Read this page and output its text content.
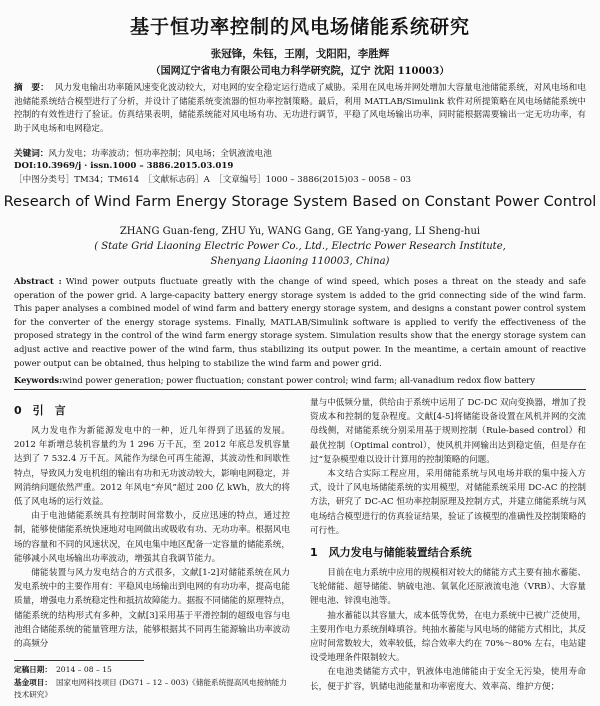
基于恒功率控制的风电场储能系统研究
张冠锋，朱钰，王刚，戈阳阳，李胜辉
（国网辽宁省电力有限公司电力科学研究院，辽宁 沈阳 110003）
摘　要： 风力发电输出功率随风速变化波动较大，对电网的安全稳定运行造成了威胁。采用在风电场并网处增加大容量电池储能系统，对风电场和电池储能系统结合模型进行了分析，并设计了储能系统变流器的恒功率控制策略。最后，利用 MATLAB/Simulink 软件对所提策略在风电场储能系统中控制的有效性进行了验证。仿真结果表明，储能系统能对风电场有功、无功进行调节，平稳了风电场输出功率，同时能根据需要输出一定无功功率，有助于风电场和电网稳定。
关键词：风力发电；功率波动；恒功率控制；风电场；全钒液流电池
DOI:10.3969/j · issn.1000 – 3886.2015.03.019
［中图分类号］TM34；TM614　［文献标志码］A　［文章编号］1000 – 3886(2015)03 – 0058 – 03
Research of Wind Farm Energy Storage System Based on Constant Power Control
ZHANG Guan-feng, ZHU Yu, WANG Gang, GE Yang-yang, LI Sheng-hui
( State Grid Liaoning Electric Power Co., Ltd., Electric Power Research Institute,
Shenyang Liaoning 110003, China)
Abstract : Wind power outputs fluctuate greatly with the change of wind speed, which poses a threat on the steady and safe operation of the power grid. A large-capacity battery energy storage system is added to the grid connecting side of the wind farm. This paper analyses a combined model of wind farm and battery energy storage system, and designs a constant power control system for the converter of the energy storage systems. Finally, MATLAB/Simulink software is applied to verify the effectiveness of the proposed strategy in the control of the wind farm energy storage system. Simulation results show that the energy storage system can adjust active and reactive power of the wind farm, thus stabilizing its output power. In the meantime, a certain amount of reactive power output can be obtained, thus helping to stabilize the wind farm and power grid.
Keywords:wind power generation; power fluctuation; constant power control; wind farm; all-vanadium redox flow battery
0　引　言

风力发电作为新能源发电中的一种，近几年得到了迅猛的发展。2012 年新增总装机容量约为 1 296 万千瓦，至 2012 年底总发机容量达到了 7 532.4 万千瓦。风能作为绿色可再生能源，其波动性和间歇性特点，导致风力发电机组的输出有功和无功波动较大，影响电网稳定，并网消纳问题依然严重。2012 年风电“弃风”超过 200 亿 kWh，放大的将低了风电场的运行效益。

由于电池储能系统具有控制时间常数小，反应迅速的特点，通过控制，能够使储能系统快速地对电网做出或吸收有功、无功功率。根据风电场的容量和不同的风速状况，在风电集中地区配备一定容量的储能系统，能够减小风电场输出功率波动，增强其自我调节能力。

储能装置与风力发电结合的方式很多，文献[1-2]对储能系统在风力发电系统中的主要作用有：平稳风电场输出到电网的有功功率，提高电能质量，增强电力系统稳定性和抵抗故障能力。据报不同储能的原理特点，储能系统的结构形式有多种，文献[3]采用基于平滑控制的超级电容与电池组合储能系统的能量管理方法，能够根据其不同再生能源输出功率波动的高频分

定稿日期： 2014 – 08 – 15
基金项目： 国家电网科技项目 (DG71 – 12 – 003)《储能系统提高风电接纳能力技术研究》

量与中低频分量，供给由于系统中运用了 DC-DC 双向变换器，增加了投资成本和控制的复杂程度。文献[4-5]将储能设备设置在风机并网的交流母线侧，对储能系统分别采用基于规则控制（Rule-based control）和最优控制（Optimal control），使风机并网输出达到稳定值，但是存在过“复杂模型难以设计计算用的控制策略的问题。

本文结合实际工程应用，采用储能系统与风电场并联的集中接入方式，设计了风电场储能系统的实用模型，对储能系统采用 DC-AC 的控制方法，研究了 DC-AC 恒功率控制原理及控制方式，并建立储能系统与风电场结合模型进行的仿真验证结果，验证了该模型的准确性及控制策略的可行性。

1　风力发电与储能装置结合系统

目前在电力系统中应用的规模相对较大的储能方式主要有抽水蓄能、飞轮储能、超导储能、钠硫电池、氧氧化还原液流电池（VRB）、大容量锂电池、锌溴电池等。

抽水蓄能以其容量大，成本低等优势，在电力系统中已被广泛使用，主要用作电力系统削峰填谷。纯抽水蓄能与风电场的储能方式相比，其反应时间常数较大，效率较低，综合效率大约在 70%～80% 左右，电站建设受地理条件限制较大。

在电池类储能方式中，钒液体电池储能由于安全无污染，使用寿命长，便于扩容，钒储电池能量和功率密度大、效率高、维护方便；
